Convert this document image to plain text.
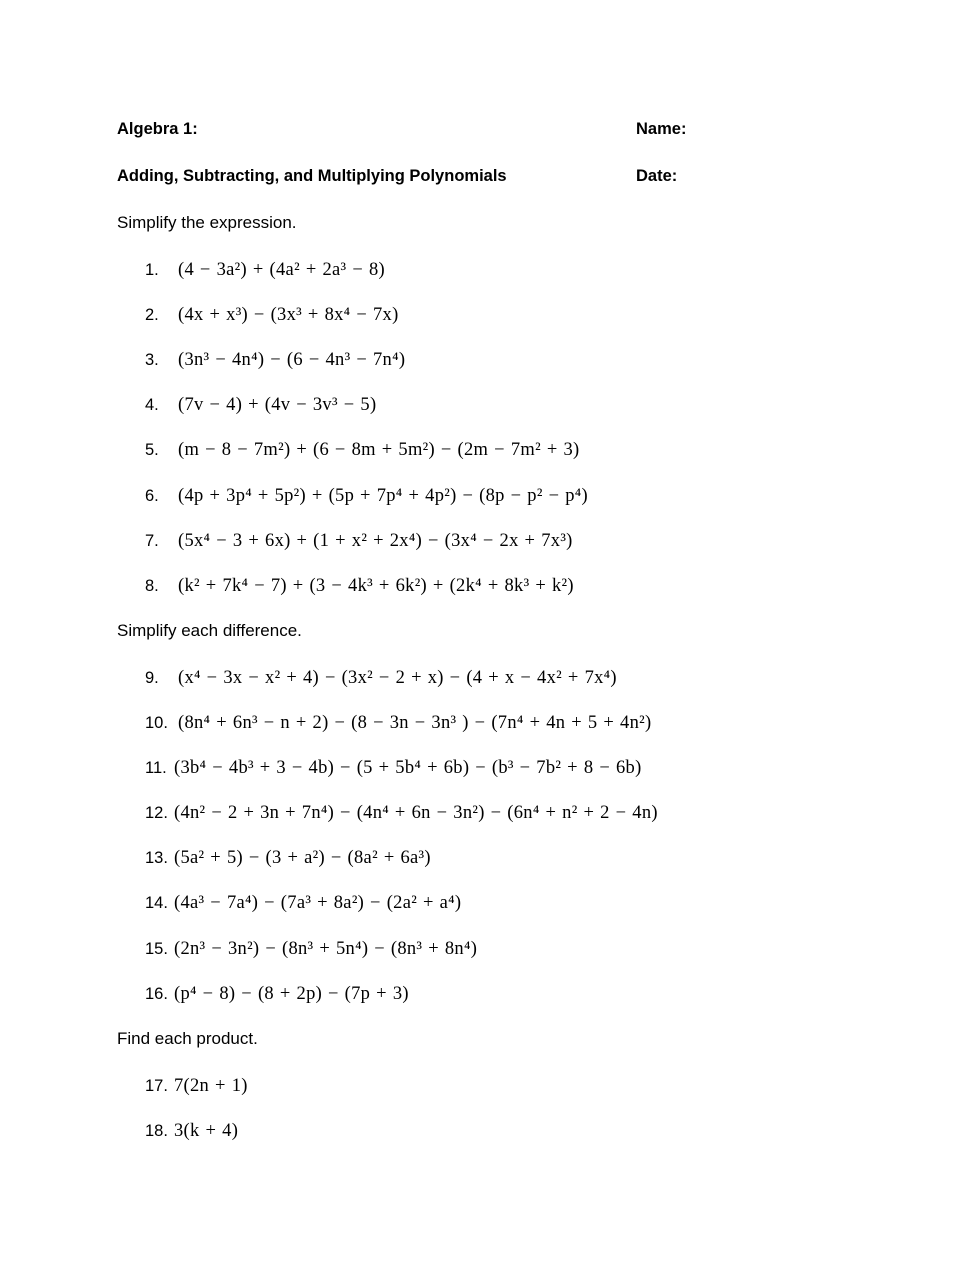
Algebra 1:	Name:
Adding, Subtracting, and Multiplying Polynomials	Date:
Simplify the expression.
1. (4 − 3a²) + (4a² + 2a³ − 8)
2. (4x + x³) − (3x³ + 8x⁴ − 7x)
3. (3n³ − 4n⁴) − (6 − 4n³ − 7n⁴)
4. (7v − 4) + (4v − 3v³ − 5)
5. (m − 8 − 7m²) + (6 − 8m + 5m²) − (2m − 7m² + 3)
6. (4p + 3p⁴ + 5p²) + (5p + 7p⁴ + 4p²) − (8p − p² − p⁴)
7. (5x⁴ − 3 + 6x) + (1 + x² + 2x⁴) − (3x⁴ − 2x + 7x³)
8. (k² + 7k⁴ − 7) + (3 − 4k³ + 6k²) + (2k⁴ + 8k³ + k²)
Simplify each difference.
9. (x⁴ − 3x − x² + 4) − (3x² − 2 + x) − (4 + x − 4x² + 7x⁴)
10. (8n⁴ + 6n³ − n + 2) − (8 − 3n − 3n³ ) − (7n⁴ + 4n + 5 + 4n²)
11. (3b⁴ − 4b³ + 3 − 4b) − (5 + 5b⁴ + 6b) − (b³ − 7b² + 8 − 6b)
12. (4n² − 2 + 3n + 7n⁴) − (4n⁴ + 6n − 3n²) − (6n⁴ + n² + 2 − 4n)
13. (5a² + 5) − (3 + a²) − (8a² + 6a³)
14. (4a³ − 7a⁴) − (7a³ + 8a²) − (2a² + a⁴)
15. (2n³ − 3n²) − (8n³ + 5n⁴) − (8n³ + 8n⁴)
16. (p⁴ − 8) − (8 + 2p) − (7p + 3)
Find each product.
17. 7(2n + 1)
18. 3(k + 4)
